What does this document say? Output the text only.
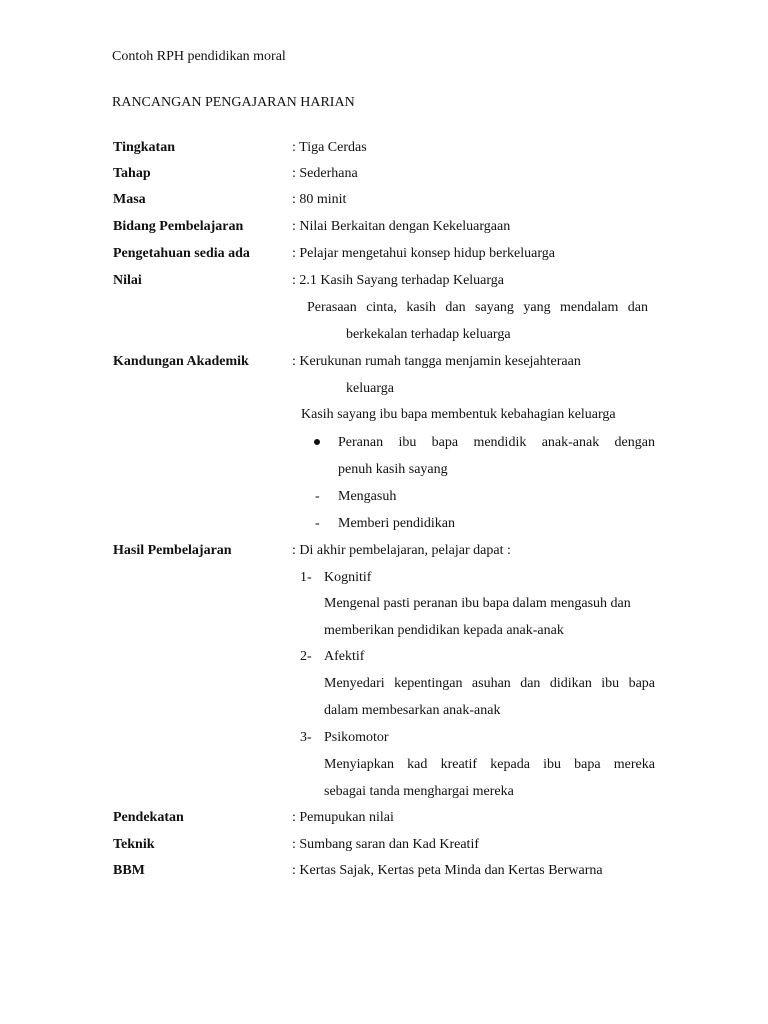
Contoh RPH pendidikan moral
RANCANGAN PENGAJARAN HARIAN
Tingkatan	: Tiga Cerdas
Tahap	: Sederhana
Masa	: 80 minit
Bidang Pembelajaran	: Nilai Berkaitan dengan Kekeluargaan
Pengetahuan sedia ada	: Pelajar mengetahui konsep hidup berkeluarga
Nilai	: 2.1 Kasih Sayang terhadap Keluarga
Perasaan cinta, kasih dan sayang yang mendalam dan
berkekalan terhadap keluarga
Kandungan Akademik	: Kerukunan rumah tangga menjamin kesejahteraan
keluarga
Kasih sayang ibu bapa membentuk kebahagian keluarga
Peranan ibu bapa mendidik anak-anak dengan
penuh kasih sayang
- Mengasuh
- Memberi pendidikan
Hasil Pembelajaran	: Di akhir pembelajaran, pelajar dapat :
1- Kognitif
Mengenal pasti peranan ibu bapa dalam mengasuh dan
memberikan pendidikan kepada anak-anak
2- Afektif
Menyedari kepentingan asuhan dan didikan ibu bapa
dalam membesarkan anak-anak
3- Psikomotor
Menyiapkan kad kreatif kepada ibu bapa mereka
sebagai tanda menghargai mereka
Pendekatan	: Pemupukan nilai
Teknik	: Sumbang saran dan Kad Kreatif
BBM	: Kertas Sajak, Kertas peta Minda dan Kertas Berwarna
